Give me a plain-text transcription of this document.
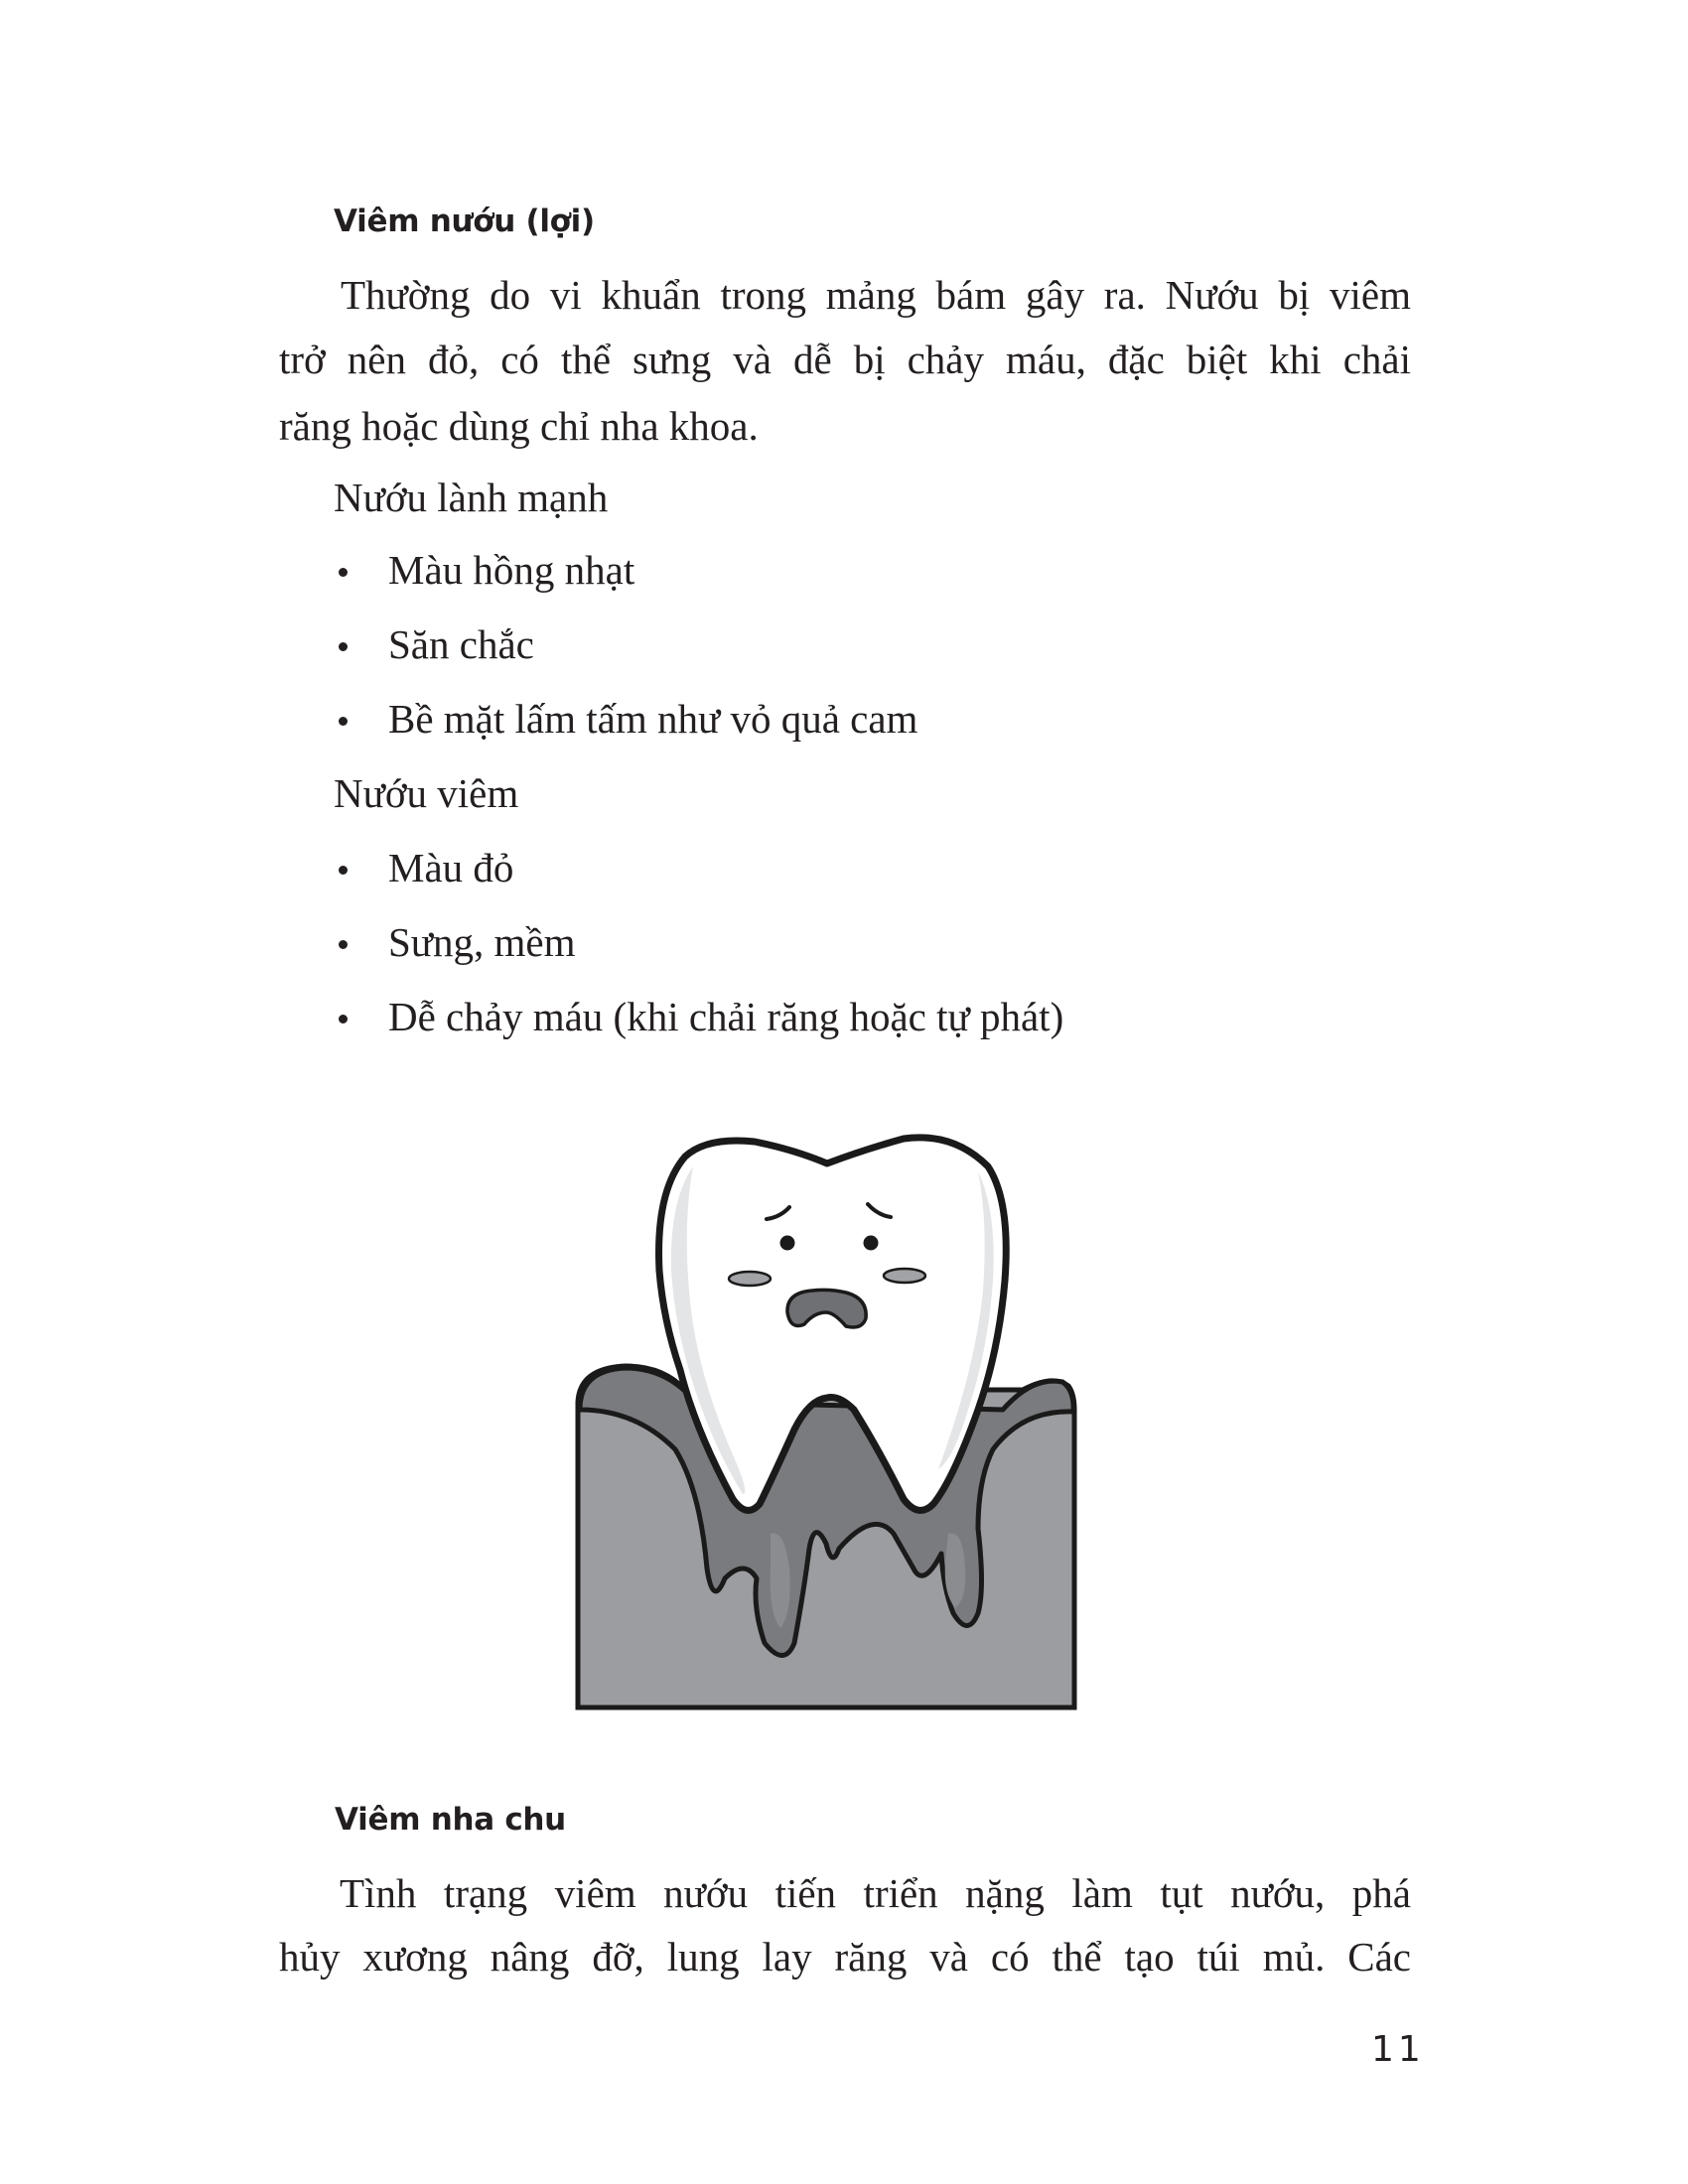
Viêm nướu (lợi)
Thường do vi khuẩn trong mảng bám gây ra. Nướu bị viêm
trở nên đỏ, có thể sưng và dễ bị chảy máu, đặc biệt khi chải
răng hoặc dùng chỉ nha khoa.
Nướu lành mạnh
Màu hồng nhạt
Săn chắc
Bề mặt lấm tấm như vỏ quả cam
Nướu viêm
Màu đỏ
Sưng, mềm
Dễ chảy máu (khi chải răng hoặc tự phát)
Viêm nha chu
Tình trạng viêm nướu tiến triển nặng làm tụt nướu, phá
hủy xương nâng đỡ, lung lay răng và có thể tạo túi mủ. Các
11
